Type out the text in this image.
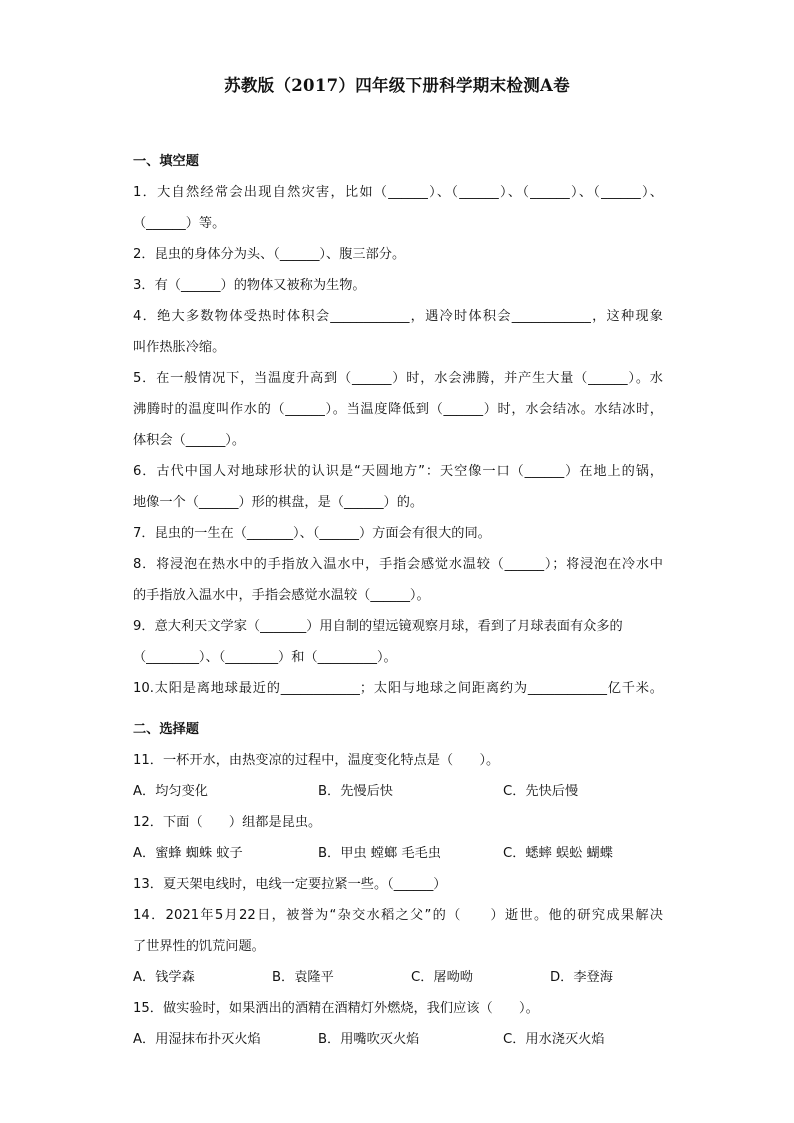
苏教版（2017）四年级下册科学期末检测A卷
一、填空题
1．大自然经常会出现自然灾害，比如（______）、（______）、（______）、（______）、
（______）等。
2．昆虫的身体分为头、（______）、腹三部分。
3．有（______）的物体又被称为生物。
4．绝大多数物体受热时体积会____________，遇冷时体积会____________，这种现象
叫作热胀冷缩。
5．在一般情况下，当温度升高到（______）时，水会沸腾，并产生大量（______）。水
沸腾时的温度叫作水的（______）。当温度降低到（______）时，水会结冰。水结冰时，
体积会（______）。
6．古代中国人对地球形状的认识是“天圆地方”：天空像一口（______）在地上的锅，
地像一个（______）形的棋盘，是（______）的。
7．昆虫的一生在（_______）、（______）方面会有很大的同。
8．将浸泡在热水中的手指放入温水中，手指会感觉水温较（______）；将浸泡在冷水中
的手指放入温水中，手指会感觉水温较（______）。
9．意大利天文学家（_______）用自制的望远镜观察月球，看到了月球表面有众多的
（________）、（________）和（_________）。
10.太阳是离地球最近的____________；太阳与地球之间距离约为____________亿千米。
二、选择题
11．一杯开水，由热变凉的过程中，温度变化特点是（　　）。
A．均匀变化	B．先慢后快	C．先快后慢
12．下面（　　）组都是昆虫。
A．蜜蜂 蜘蛛 蚊子	B．甲虫 螳螂 毛毛虫	C．蟋蟀 蜈蚣 蝴蝶
13．夏天架电线时，电线一定要拉紧一些。（______）
14．2021年5月22日，被誉为“杂交水稻之父”的（　　）逝世。他的研究成果解决
了世界性的饥荒问题。
A．钱学森	B．袁隆平	C．屠呦呦	D．李登海
15．做实验时，如果洒出的酒精在酒精灯外燃烧，我们应该（　　）。
A．用湿抹布扑灭火焰	B．用嘴吹灭火焰	C．用水浇灭火焰
